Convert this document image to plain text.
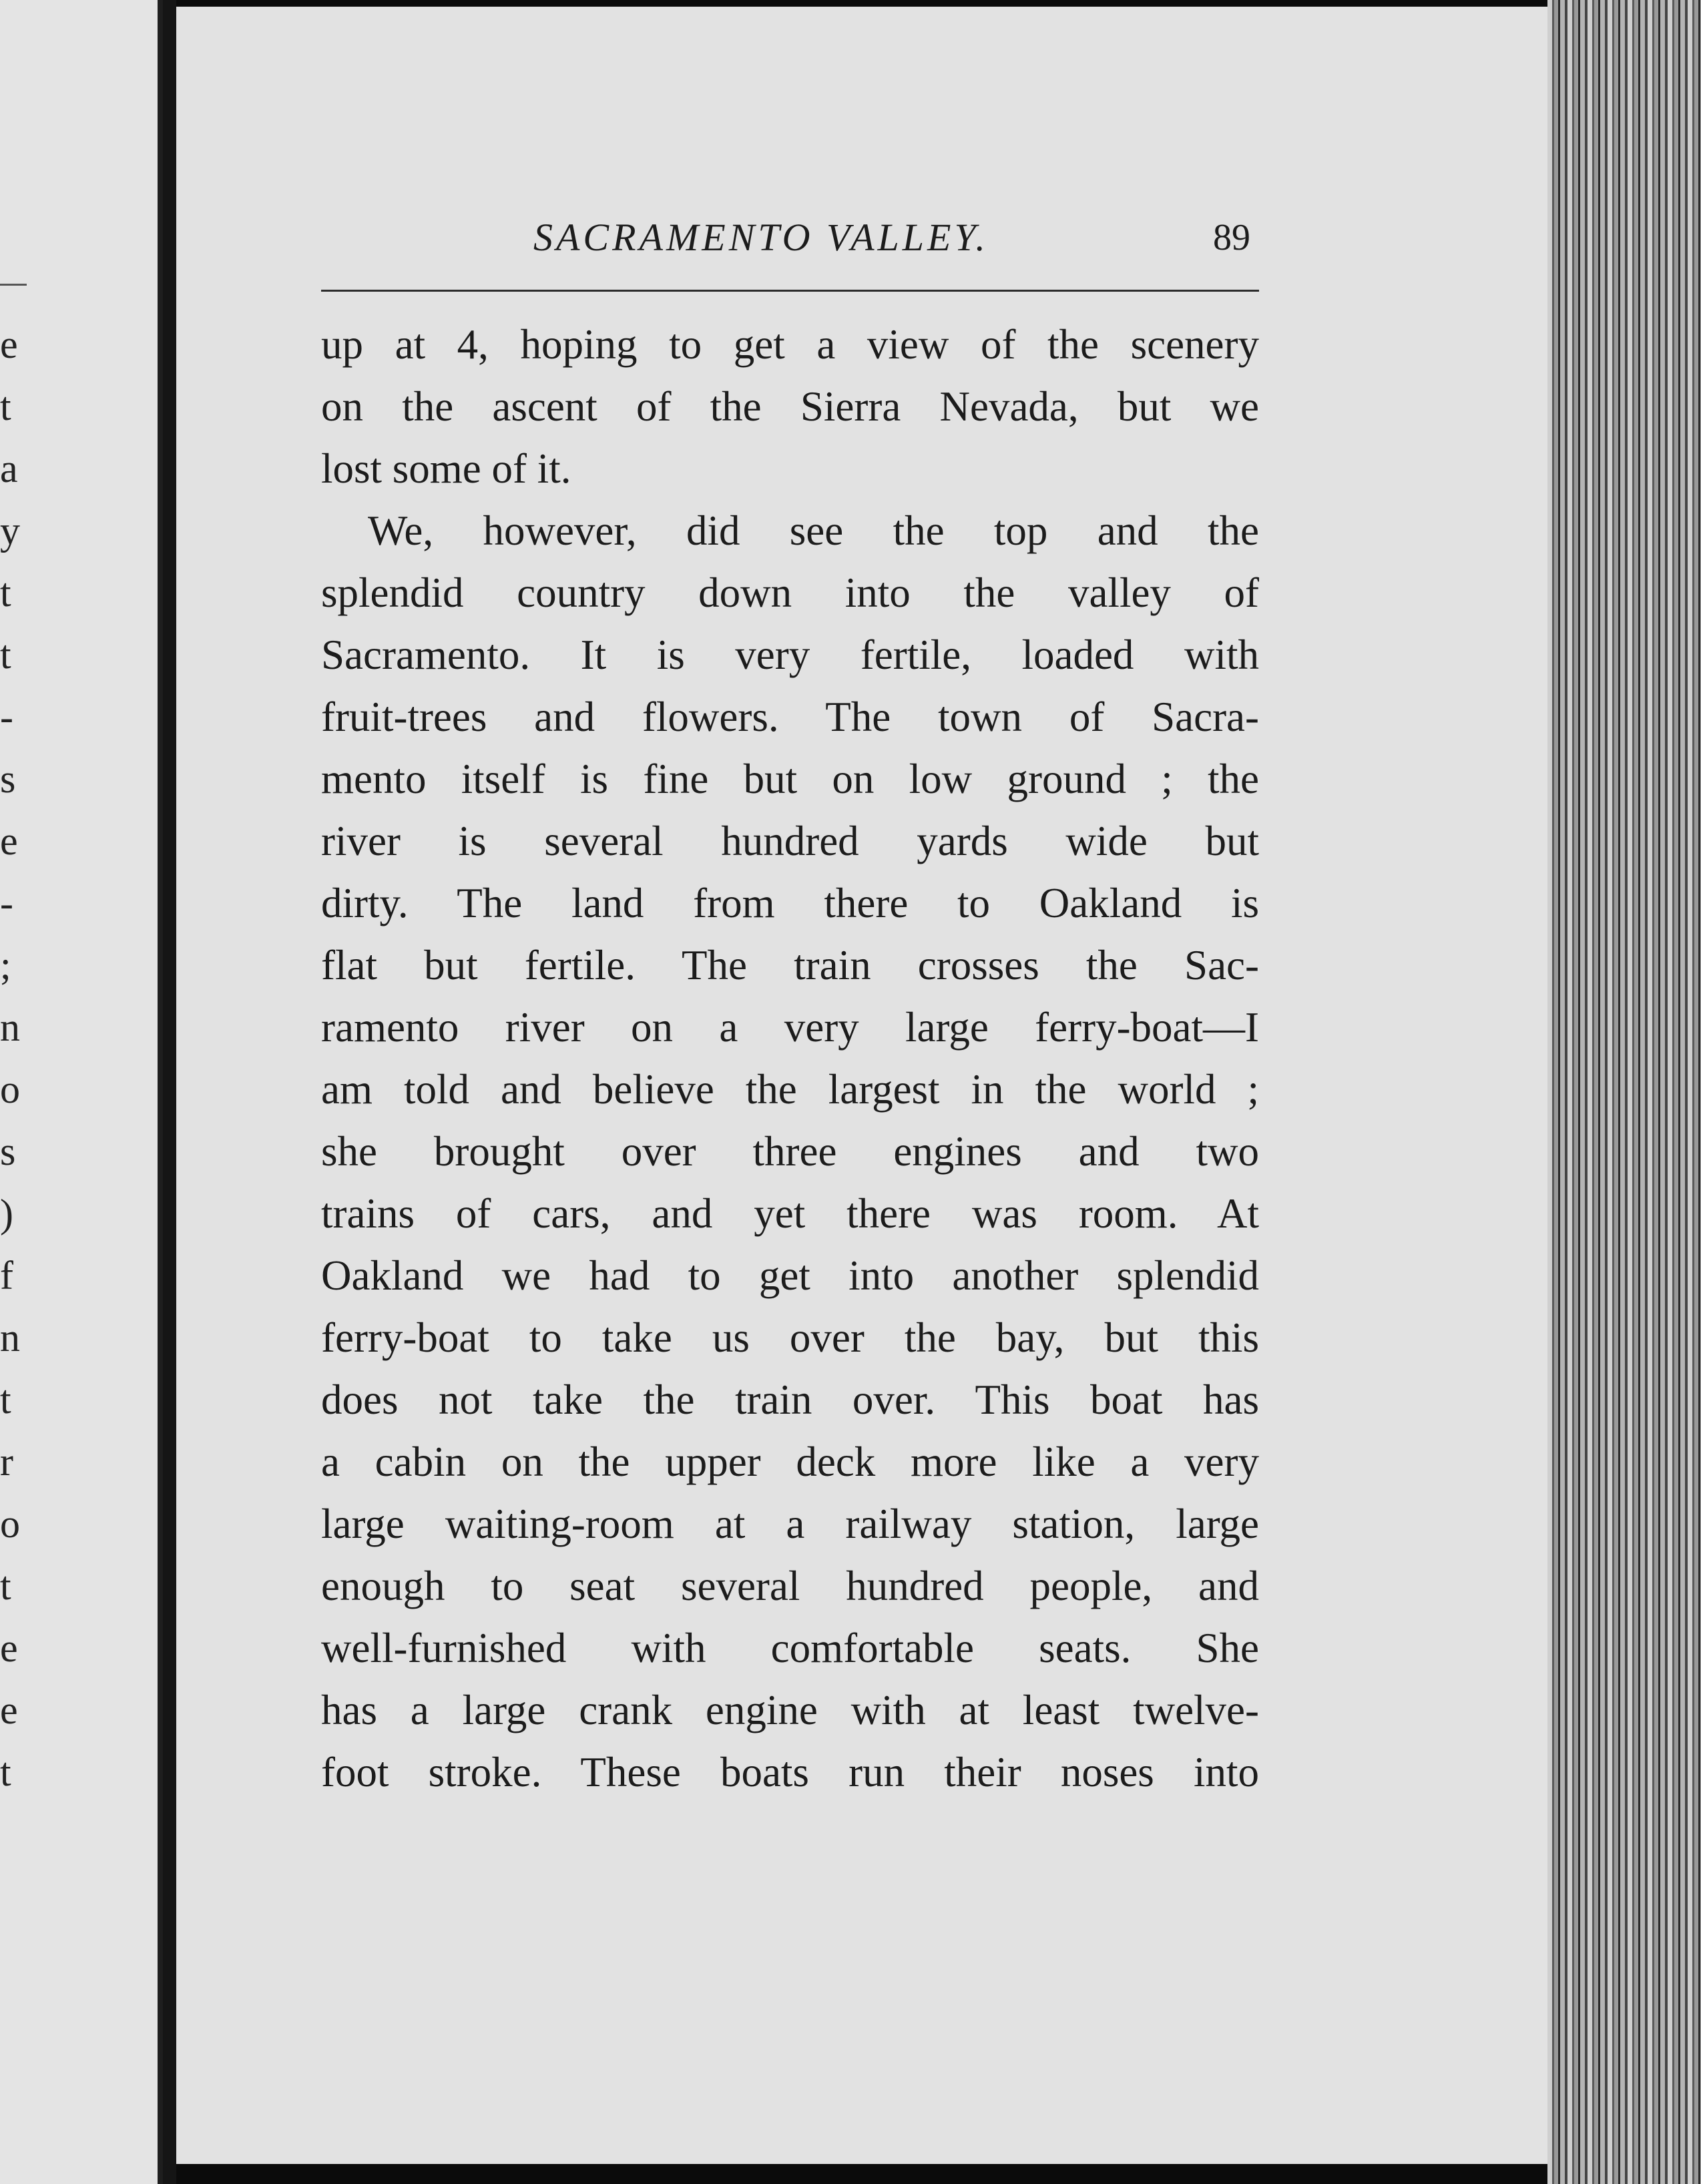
e
t
a
y
t
t
-
s
e
-
;
n
o
s
)
f
n
t
r
o
t
e
e
t
SACRAMENTO VALLEY.	89
up at 4, hoping to get a view of the scenery
on the ascent of the Sierra Nevada, but we
lost some of it.
We, however, did see the top and the
splendid country down into the valley of
Sacramento. It is very fertile, loaded with
fruit-trees and flowers. The town of Sacra-
mento itself is fine but on low ground ; the
river is several hundred yards wide but
dirty. The land from there to Oakland is
flat but fertile. The train crosses the Sac-
ramento river on a very large ferry-boat—I
am told and believe the largest in the world ;
she brought over three engines and two
trains of cars, and yet there was room. At
Oakland we had to get into another splendid
ferry-boat to take us over the bay, but this
does not take the train over. This boat has
a cabin on the upper deck more like a very
large waiting-room at a railway station, large
enough to seat several hundred people, and
well-furnished with comfortable seats. She
has a large crank engine with at least twelve-
foot stroke. These boats run their noses into
